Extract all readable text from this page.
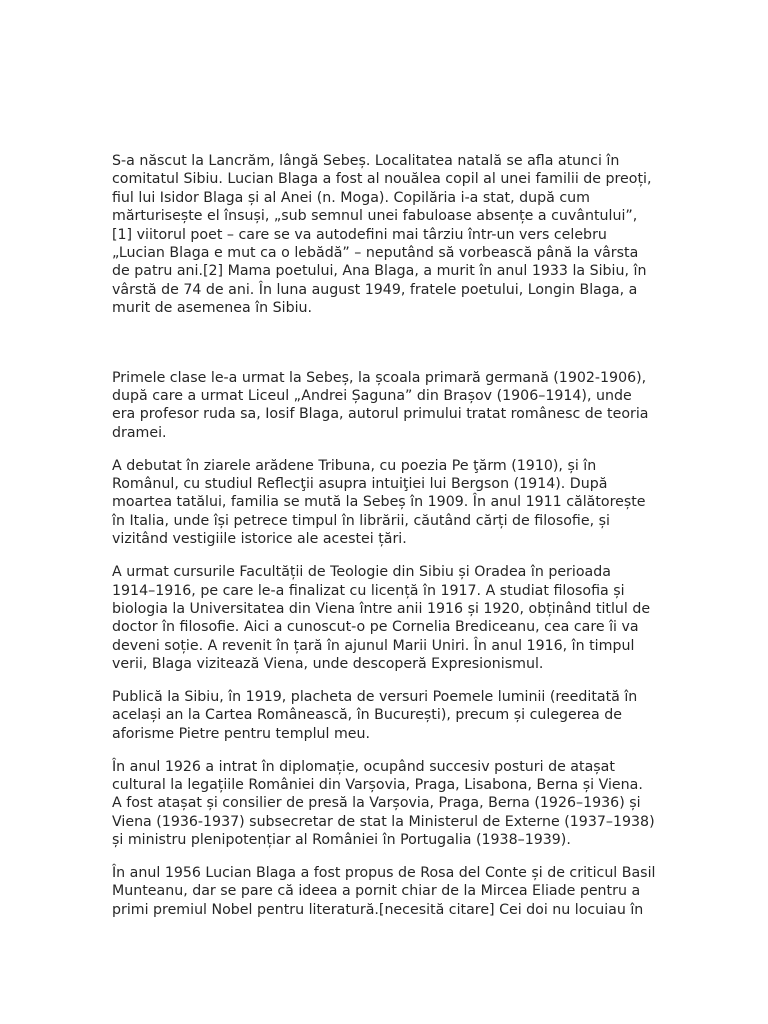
S-a născut la Lancrăm, lângă Sebeș. Localitatea natală se afla atunci în comitatul Sibiu. Lucian Blaga a fost al nouălea copil al unei familii de preoți, fiul lui Isidor Blaga și al Anei (n. Moga). Copilăria i-a stat, după cum mărturisește el însuși, „sub semnul unei fabuloase absențe a cuvântului”,[1] viitorul poet – care se va autodefini mai târziu într-un vers celebru „Lucian Blaga e mut ca o lebădă” – neputând să vorbească până la vârsta de patru ani.[2] Mama poetului, Ana Blaga, a murit în anul 1933 la Sibiu, în vârstă de 74 de ani. În luna august 1949, fratele poetului, Longin Blaga, a murit de asemenea în Sibiu.

Primele clase le-a urmat la Sebeș, la școala primară germană (1902-1906), după care a urmat Liceul „Andrei Șaguna” din Brașov (1906–1914), unde era profesor ruda sa, Iosif Blaga, autorul primului tratat românesc de teoria dramei.

A debutat în ziarele arădene Tribuna, cu poezia Pe ţărm (1910), și în Românul, cu studiul Reflecţii asupra intuiţiei lui Bergson (1914). După moartea tatălui, familia se mută la Sebeș în 1909. În anul 1911 călătorește în Italia, unde își petrece timpul în librării, căutând cărți de filosofie, și vizitând vestigiile istorice ale acestei țări.

A urmat cursurile Facultății de Teologie din Sibiu și Oradea în perioada 1914–1916, pe care le-a finalizat cu licență în 1917. A studiat filosofia și biologia la Universitatea din Viena între anii 1916 și 1920, obținând titlul de doctor în filosofie. Aici a cunoscut-o pe Cornelia Brediceanu, cea care îi va deveni soție. A revenit în țară în ajunul Marii Uniri. În anul 1916, în timpul verii, Blaga vizitează Viena, unde descoperă Expresionismul.

Publică la Sibiu, în 1919, placheta de versuri Poemele luminii (reeditată în același an la Cartea Românească, în București), precum și culegerea de aforisme Pietre pentru templul meu.

În anul 1926 a intrat în diplomație, ocupând succesiv posturi de atașat cultural la legațiile României din Varșovia, Praga, Lisabona, Berna și Viena. A fost atașat și consilier de presă la Varșovia, Praga, Berna (1926–1936) și Viena (1936-1937) subsecretar de stat la Ministerul de Externe (1937–1938) și ministru plenipotențiar al României în Portugalia (1938–1939).

În anul 1956 Lucian Blaga a fost propus de Rosa del Conte și de criticul Basil Munteanu, dar se pare că ideea a pornit chiar de la Mircea Eliade pentru a primi premiul Nobel pentru literatură.[necesită citare] Cei doi nu locuiau în
